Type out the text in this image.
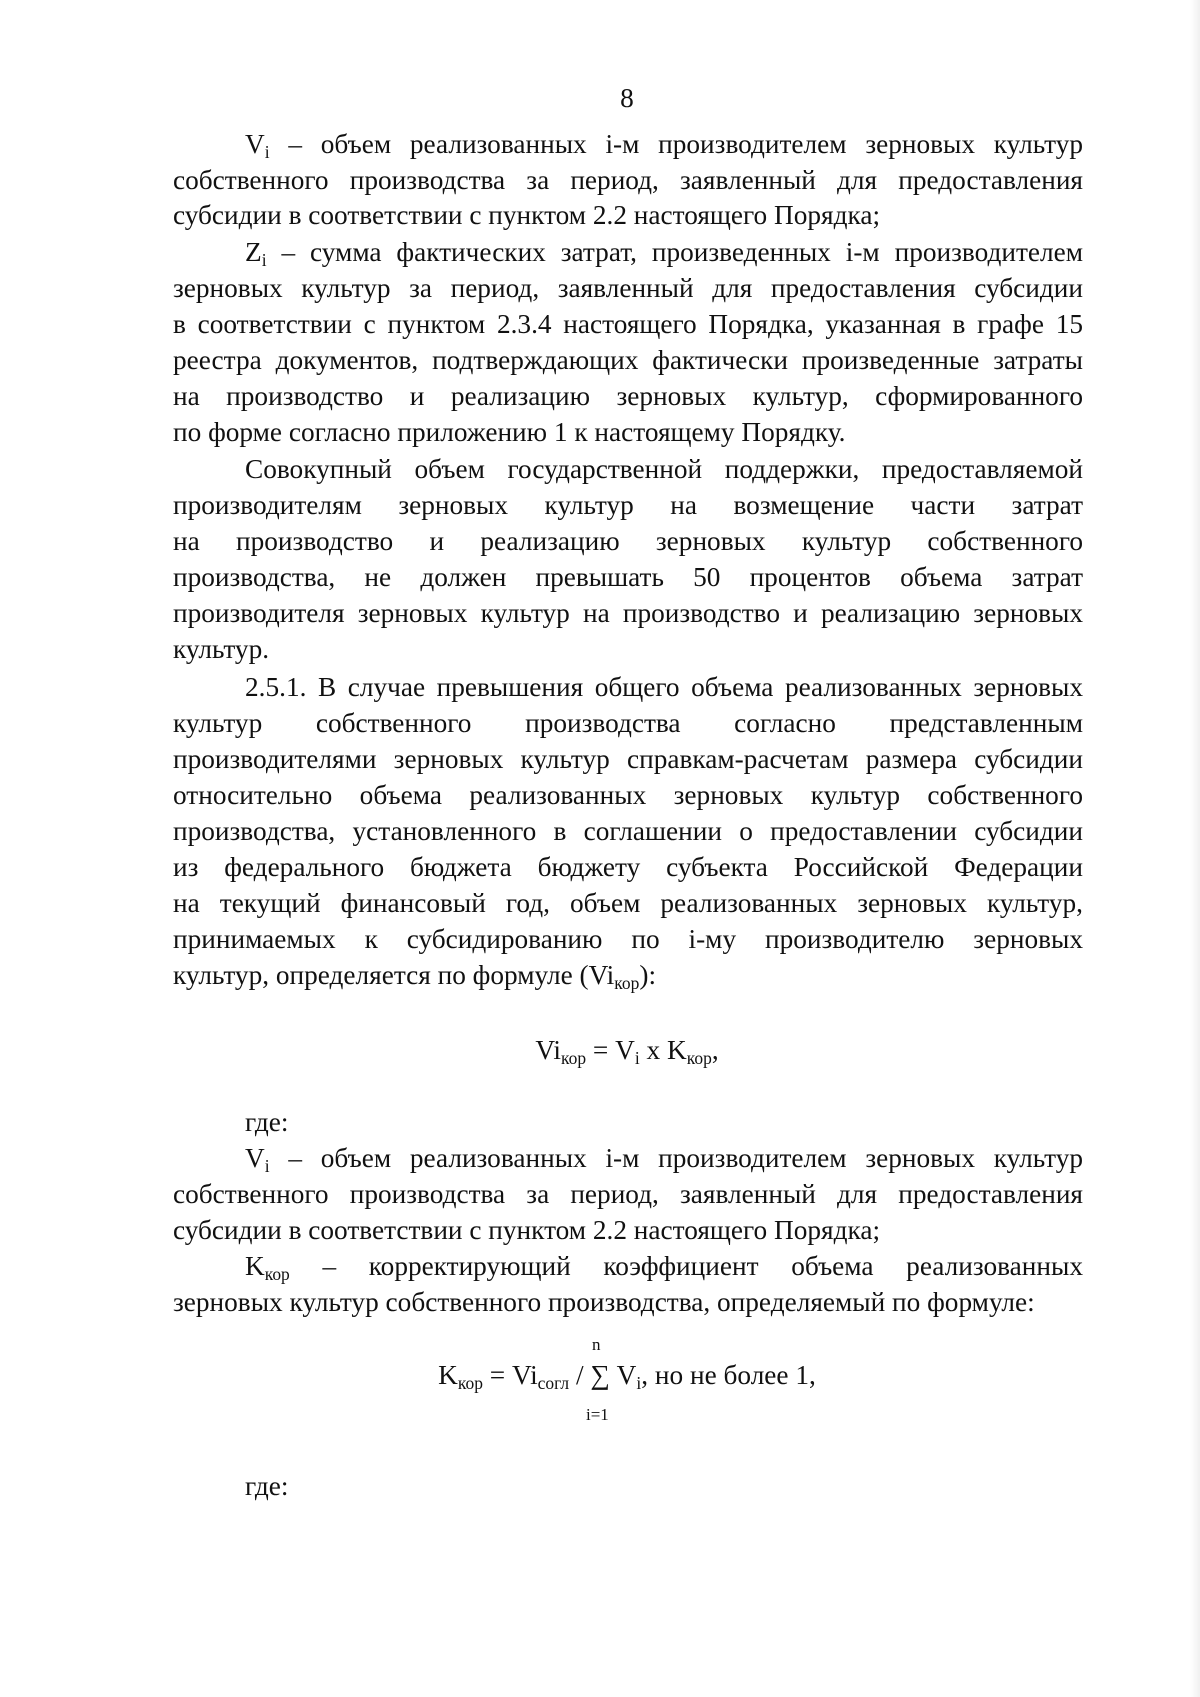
8
$V_i$ – объем реализованных i-м производителем зерновых культур
собственного производства за период, заявленный для предоставления
субсидии в соответствии с пунктом 2.2 настоящего Порядка;
$Z_i$ – сумма фактических затрат, произведенных i-м производителем
зерновых культур за период, заявленный для предоставления субсидии
в соответствии с пунктом 2.3.4 настоящего Порядка, указанная в графе 15
реестра документов, подтверждающих фактически произведенные затраты
на производство и реализацию зерновых культур, сформированного
по форме согласно приложению 1 к настоящему Порядку.
Совокупный объем государственной поддержки, предоставляемой
производителям зерновых культур на возмещение части затрат
на производство и реализацию зерновых культур собственного
производства, не должен превышать 50 процентов объема затрат
производителя зерновых культур на производство и реализацию зерновых
культур.
2.5.1. В случае превышения общего объема реализованных зерновых
культур собственного производства согласно представленным
производителями зерновых культур справкам-расчетам размера субсидии
относительно объема реализованных зерновых культур собственного
производства, установленного в соглашении о предоставлении субсидии
из федерального бюджета бюджету субъекта Российской Федерации
на текущий финансовый год, объем реализованных зерновых культур,
принимаемых к субсидированию по i-му производителю зерновых
культур, определяется по формуле $(Vi_{кор})$:
$Vi_{кор} = V_i$ x $K_{кор}$,
где:
$V_i$ – объем реализованных i-м производителем зерновых культур
собственного производства за период, заявленный для предоставления
субсидии в соответствии с пунктом 2.2 настоящего Порядка;
$K_{кор}$ – корректирующий коэффициент объема реализованных
зерновых культур собственного производства, определяемый по формуле:
n
$K_{кор} = Vi_{согл}$ / ∑ $V_i$, но не более 1,
i=1
где:
